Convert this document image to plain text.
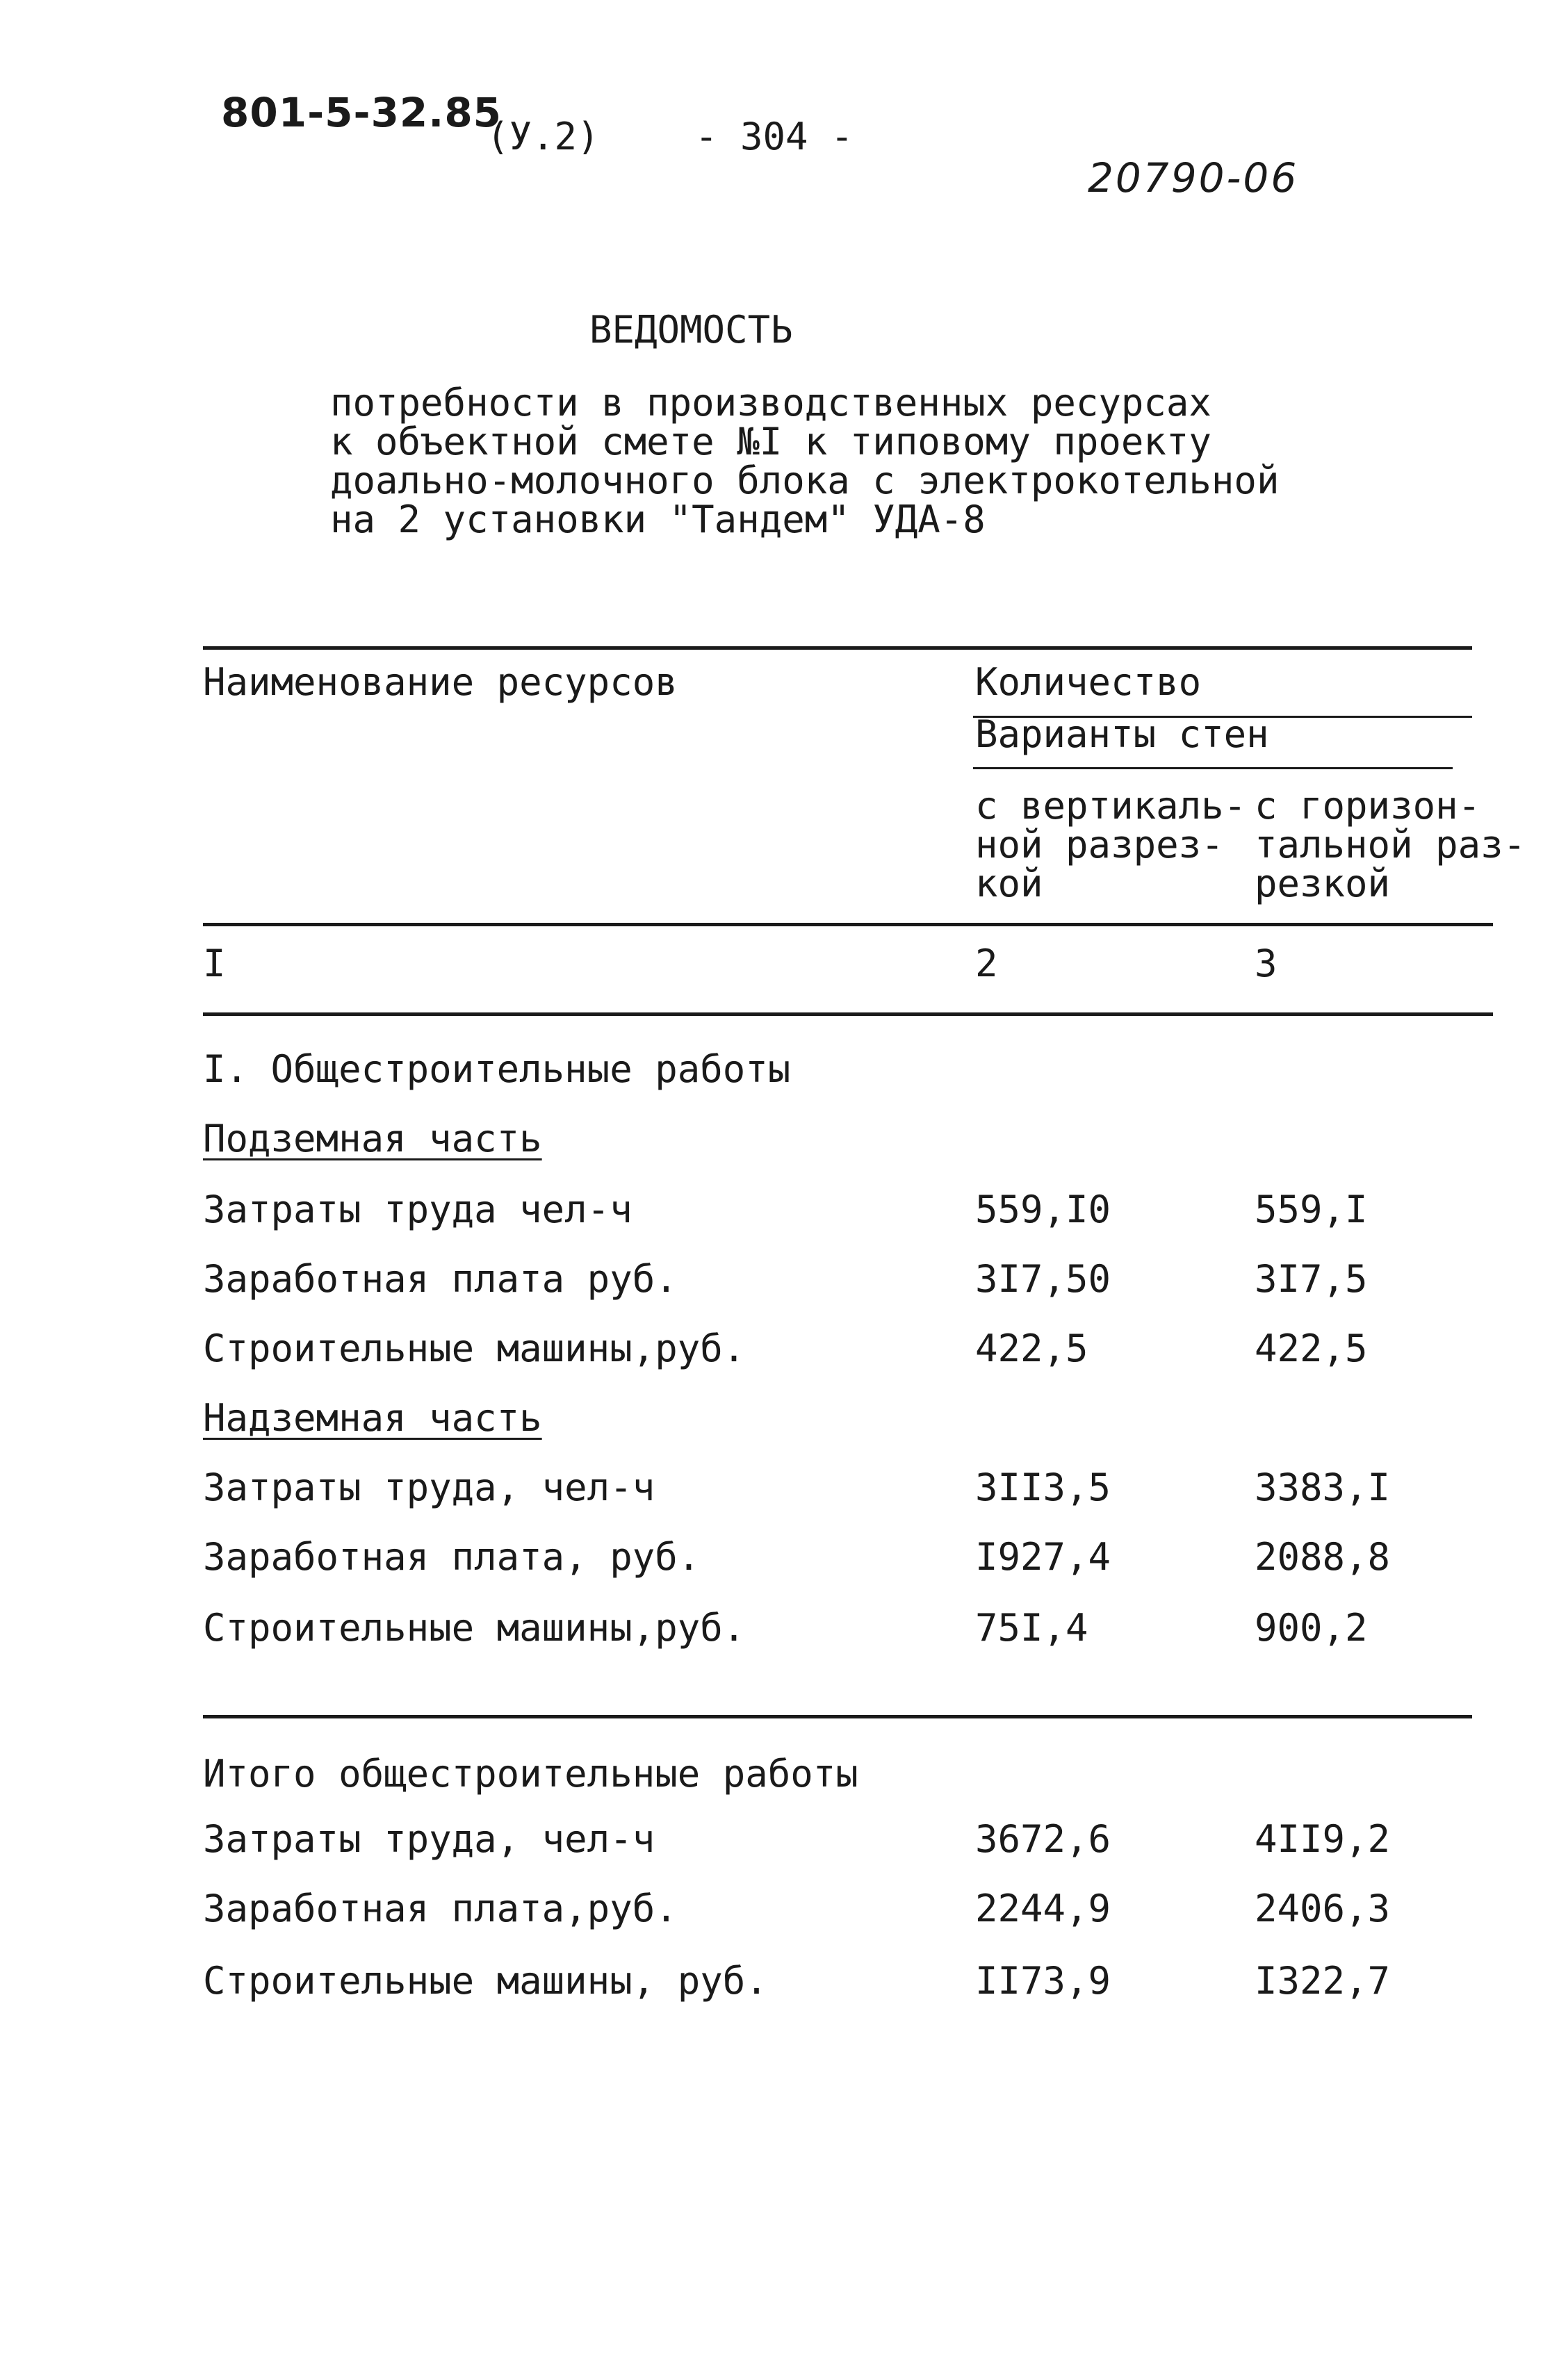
801-5-32.85
(У.2)	- 304 -
20790-06
ВЕДОМОСТЬ
потребности в производственных ресурсах
к объектной смете №I к типовому проекту
доально-молочного блока с электрокотельной
на 2 установки "Тандем" УДА-8
Наименование ресурсов	Количество
Варианты стен
с вертикаль-
ной разрез-
кой
с горизон-
тальной раз-
резкой
I	2	3
I. Общестроительные работы
Подземная часть
Затраты труда чел-ч	559,I0	559,I
Заработная плата руб.	3I7,50	3I7,5
Строительные машины,руб.	422,5	422,5
Надземная часть
Затраты труда, чел-ч	3II3,5	3383,I
Заработная плата, руб.	I927,4	2088,8
Строительные машины,руб.	75I,4	900,2
Итого общестроительные работы
Затраты труда, чел-ч	3672,6	4II9,2
Заработная плата,руб.	2244,9	2406,3
Строительные машины, руб.	II73,9	I322,7
